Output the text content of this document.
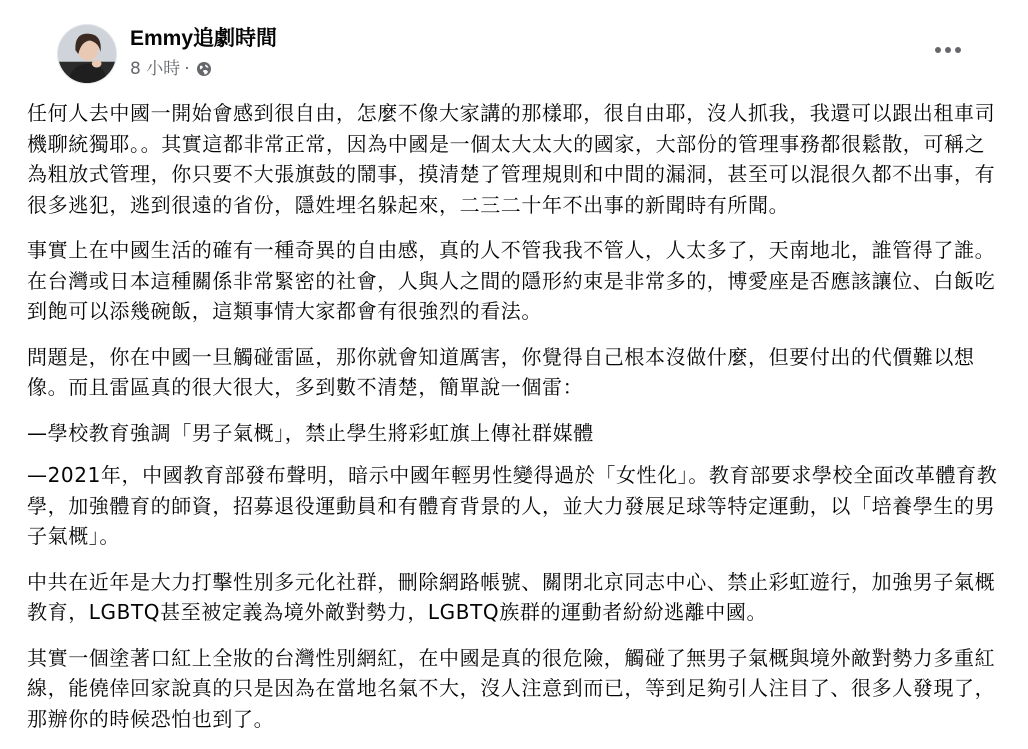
Emmy追劇時間
8 小時 ·

任何人去中國一開始會感到很自由，怎麼不像大家講的那樣耶，很自由耶，沒人抓我，我還可以跟出租車司機聊統獨耶。。其實這都非常正常，因為中國是一個太大太大的國家，大部份的管理事務都很鬆散，可稱之為粗放式管理，你只要不大張旗鼓的鬧事，摸清楚了管理規則和中間的漏洞，甚至可以混很久都不出事，有很多逃犯，逃到很遠的省份，隱姓埋名躲起來，二三二十年不出事的新聞時有所聞。

事實上在中國生活的確有一種奇異的自由感，真的人不管我我不管人，人太多了，天南地北，誰管得了誰。在台灣或日本這種關係非常緊密的社會，人與人之間的隱形約束是非常多的，博愛座是否應該讓位、白飯吃到飽可以添幾碗飯，這類事情大家都會有很強烈的看法。

問題是，你在中國一旦觸碰雷區，那你就會知道厲害，你覺得自己根本沒做什麼，但要付出的代價難以想像。而且雷區真的很大很大，多到數不清楚，簡單說一個雷：

—學校教育強調「男子氣概」，禁止學生將彩虹旗上傳社群媒體

—2021年，中國教育部發布聲明，暗示中國年輕男性變得過於「女性化」。教育部要求學校全面改革體育教學，加強體育的師資，招募退役運動員和有體育背景的人，並大力發展足球等特定運動，以「培養學生的男子氣概」。

中共在近年是大力打擊性別多元化社群，刪除網路帳號、關閉北京同志中心、禁止彩虹遊行，加強男子氣概教育，LGBTQ甚至被定義為境外敵對勢力，LGBTQ族群的運動者紛紛逃離中國。

其實一個塗著口紅上全妝的台灣性別網紅，在中國是真的很危險，觸碰了無男子氣概與境外敵對勢力多重紅線，能僥倖回家說真的只是因為在當地名氣不大，沒人注意到而已，等到足夠引人注目了、很多人發現了，那辦你的時候恐怕也到了。
